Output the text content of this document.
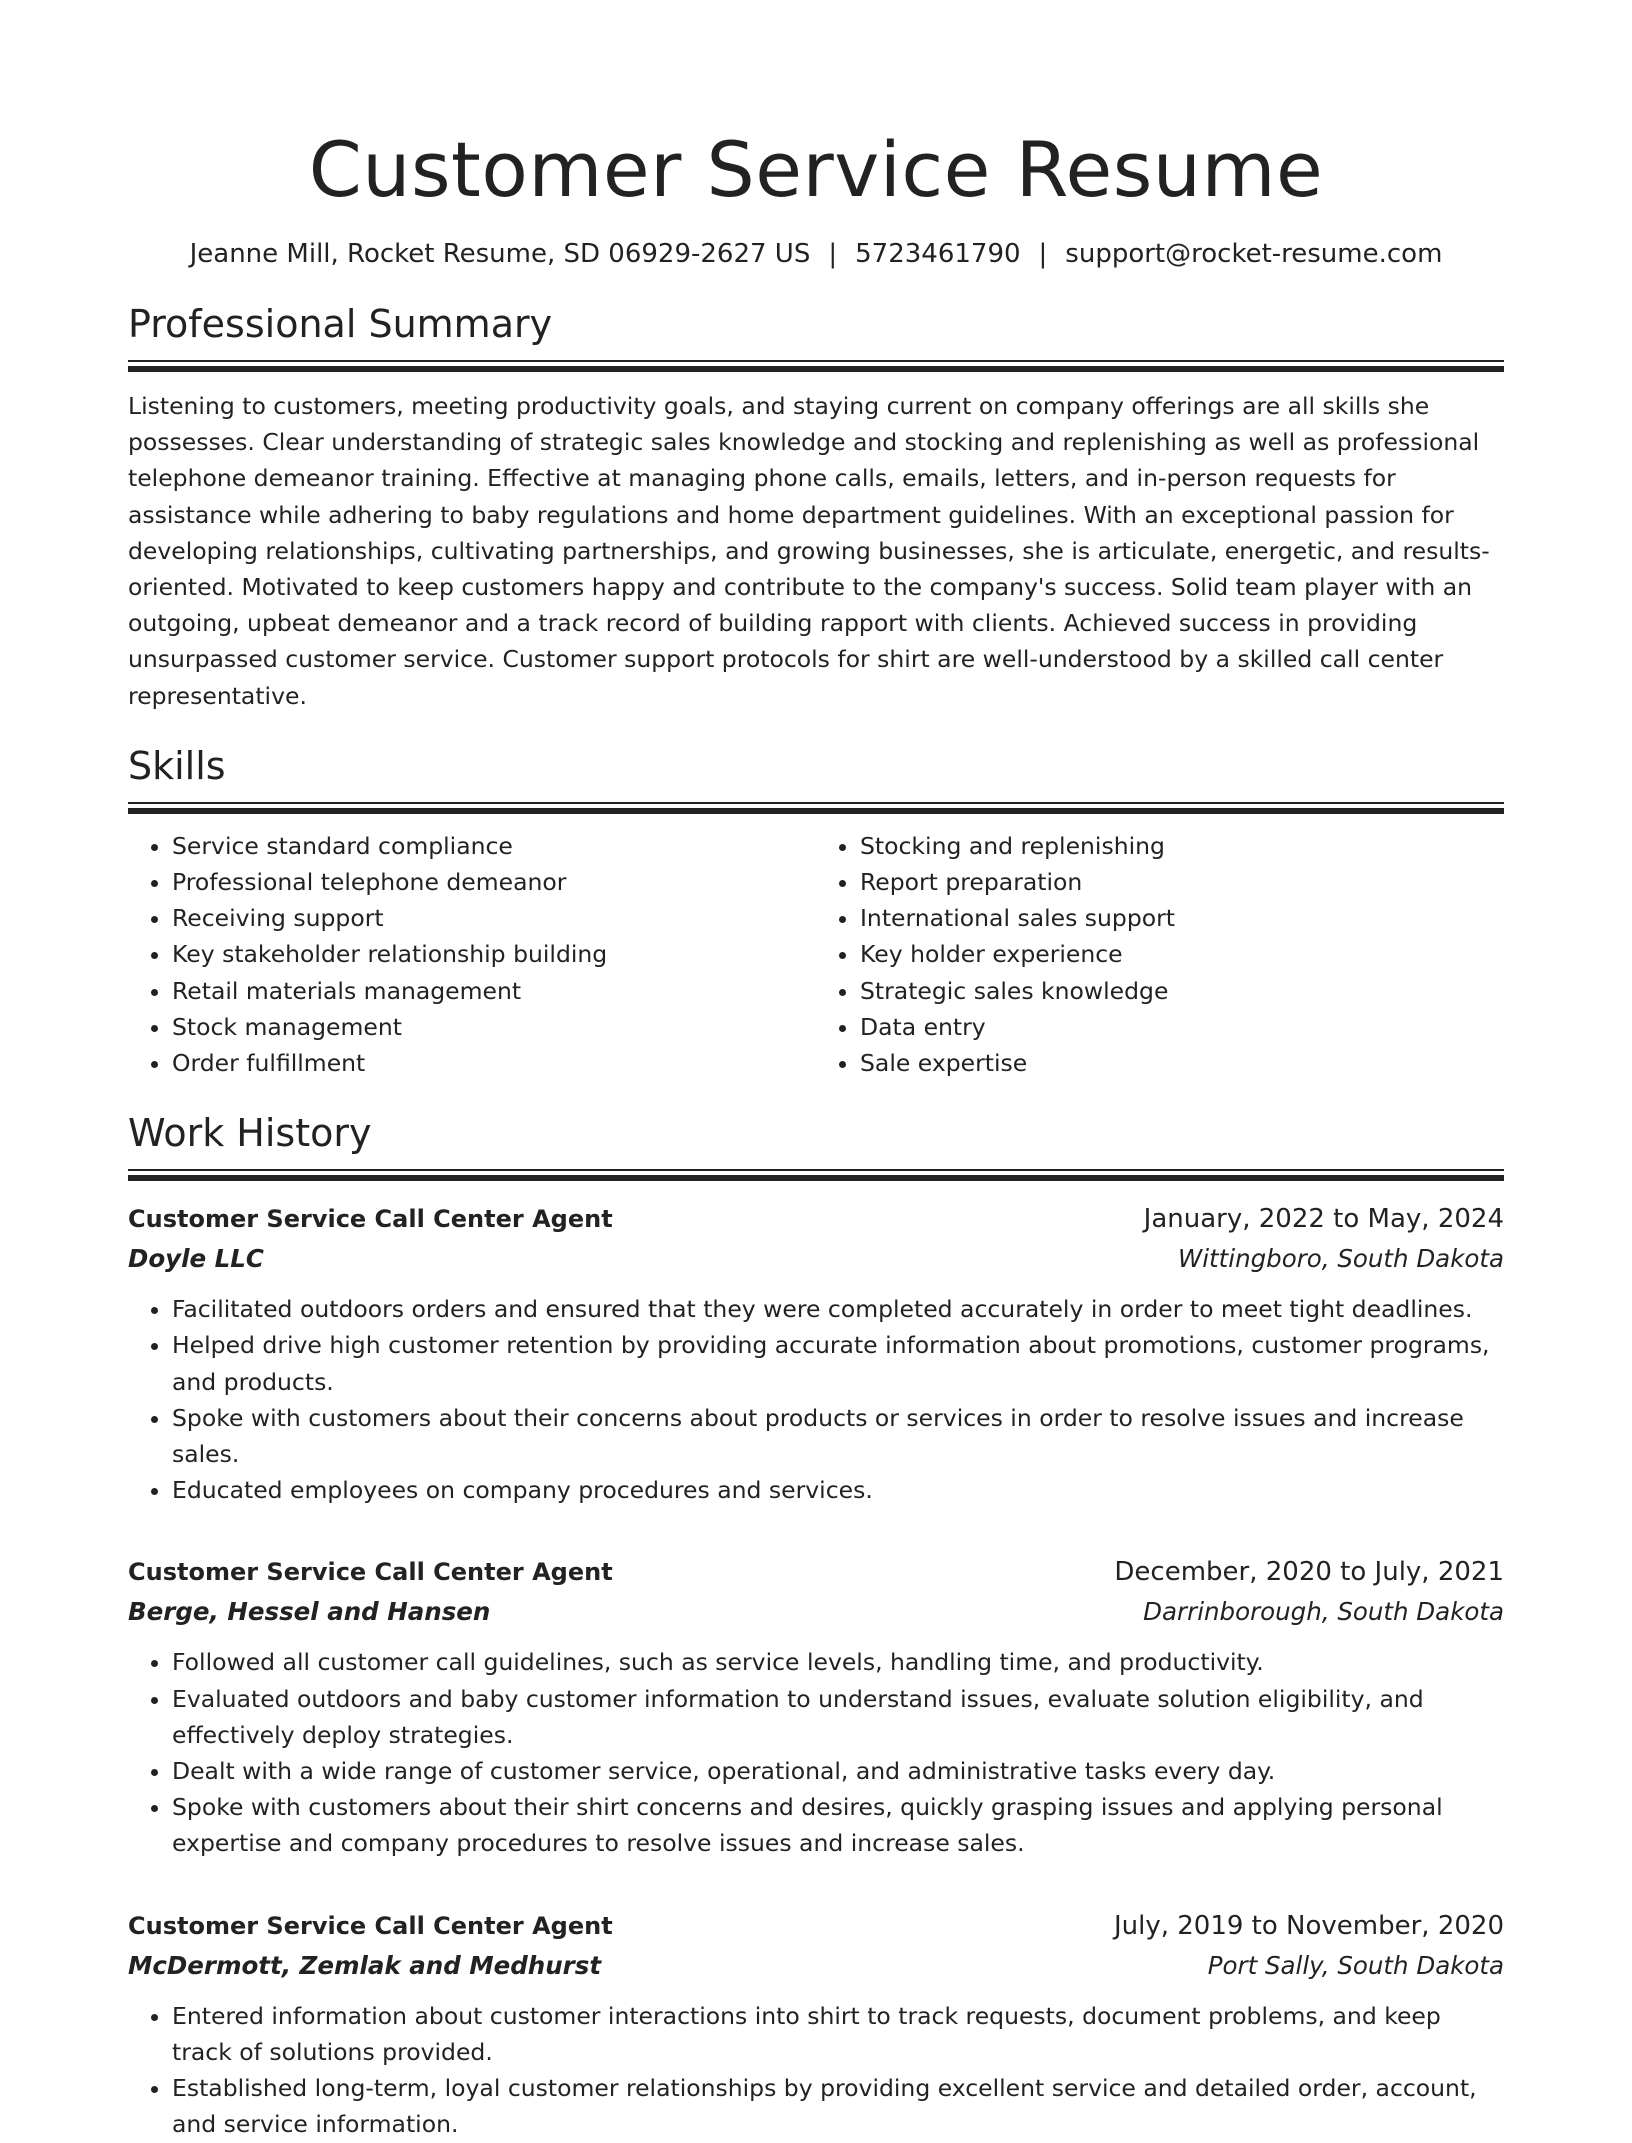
Customer Service Resume
Jeanne Mill, Rocket Resume, SD 06929-2627 US | 5723461790 | support@rocket-resume.com
Professional Summary

Listening to customers, meeting productivity goals, and staying current on company offerings are all skills she possesses. Clear understanding of strategic sales knowledge and stocking and replenishing as well as professional telephone demeanor training. Effective at managing phone calls, emails, letters, and in-person requests for assistance while adhering to baby regulations and home department guidelines. With an exceptional passion for developing relationships, cultivating partnerships, and growing businesses, she is articulate, energetic, and results-oriented. Motivated to keep customers happy and contribute to the company's success. Solid team player with an outgoing, upbeat demeanor and a track record of building rapport with clients. Achieved success in providing unsurpassed customer service. Customer support protocols for shirt are well-understood by a skilled call center representative.

Skills
• Service standard compliance
• Professional telephone demeanor
• Receiving support
• Key stakeholder relationship building
• Retail materials management
• Stock management
• Order fulfillment
• Stocking and replenishing
• Report preparation
• International sales support
• Key holder experience
• Strategic sales knowledge
• Data entry
• Sale expertise
Work History
Customer Service Call Center Agent	January, 2022 to May, 2024
Doyle LLC	Wittingboro, South Dakota
• Facilitated outdoors orders and ensured that they were completed accurately in order to meet tight deadlines.
• Helped drive high customer retention by providing accurate information about promotions, customer programs, and products.
• Spoke with customers about their concerns about products or services in order to resolve issues and increase sales.
• Educated employees on company procedures and services.
Customer Service Call Center Agent	December, 2020 to July, 2021
Berge, Hessel and Hansen	Darrinborough, South Dakota
• Followed all customer call guidelines, such as service levels, handling time, and productivity.
• Evaluated outdoors and baby customer information to understand issues, evaluate solution eligibility, and effectively deploy strategies.
• Dealt with a wide range of customer service, operational, and administrative tasks every day.
• Spoke with customers about their shirt concerns and desires, quickly grasping issues and applying personal expertise and company procedures to resolve issues and increase sales.
Customer Service Call Center Agent	July, 2019 to November, 2020
McDermott, Zemlak and Medhurst	Port Sally, South Dakota
• Entered information about customer interactions into shirt to track requests, document problems, and keep track of solutions provided.
• Established long-term, loyal customer relationships by providing excellent service and detailed order, account, and service information.
